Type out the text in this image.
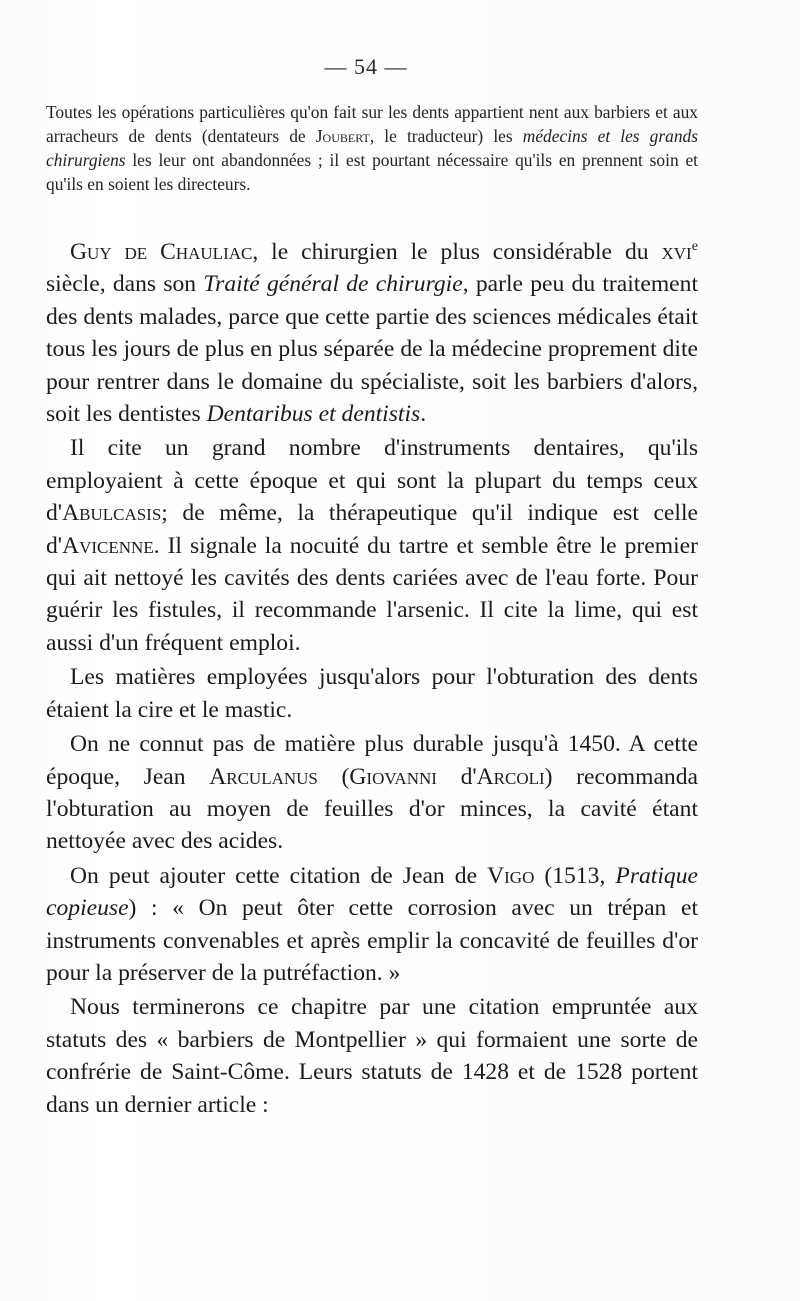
— 54 —

Toutes les opérations particulières qu'on fait sur les dents appartient nent aux barbiers et aux arracheurs de dents (dentateurs de Joubert, le traducteur) les médecins et les grands chirurgiens les leur ont abandonnées ; il est pourtant nécessaire qu'ils en prennent soin et qu'ils en soient les directeurs.

Guy de Chauliac, le chirurgien le plus considérable du xvi$^e$ siècle, dans son Traité général de chirurgie, parle peu du traitement des dents malades, parce que cette partie des sciences médicales était tous les jours de plus en plus séparée de la médecine proprement dite pour rentrer dans le domaine du spécialiste, soit les barbiers d'alors, soit les dentistes Dentaribus et dentistis.

Il cite un grand nombre d'instruments dentaires, qu'ils employaient à cette époque et qui sont la plupart du temps ceux d'Abulcasis; de même, la thérapeutique qu'il indique est celle d'Avicenne. Il signale la nocuité du tartre et semble être le premier qui ait nettoyé les cavités des dents cariées avec de l'eau forte. Pour guérir les fistules, il recommande l'arsenic. Il cite la lime, qui est aussi d'un fréquent emploi.

Les matières employées jusqu'alors pour l'obturation des dents étaient la cire et le mastic.

On ne connut pas de matière plus durable jusqu'à 1450. A cette époque, Jean Arculanus (Giovanni d'Arcoli) recommanda l'obturation au moyen de feuilles d'or minces, la cavité étant nettoyée avec des acides.

On peut ajouter cette citation de Jean de Vigo (1513, Pratique copieuse) : « On peut ôter cette corrosion avec un trépan et instruments convenables et après emplir la concavité de feuilles d'or pour la préserver de la putréfaction. »

Nous terminerons ce chapitre par une citation empruntée aux statuts des « barbiers de Montpellier » qui formaient une sorte de confrérie de Saint-Côme. Leurs statuts de 1428 et de 1528 portent dans un dernier article :
